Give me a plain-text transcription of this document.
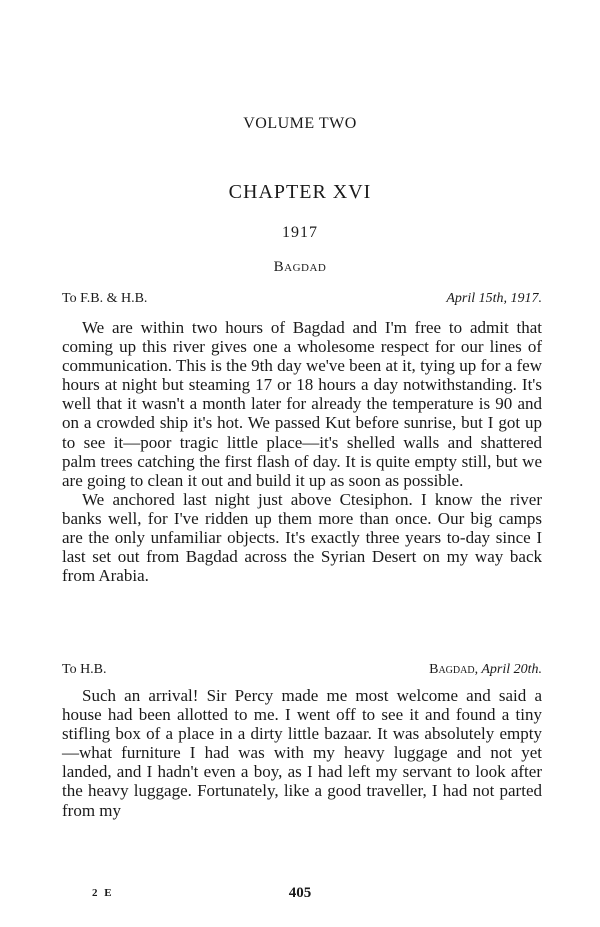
VOLUME TWO
CHAPTER XVI
1917
Bagdad
To F.B. & H.B.	April 15th, 1917.

We are within two hours of Bagdad and I'm free to admit that coming up this river gives one a wholesome respect for our lines of communication. This is the 9th day we've been at it, tying up for a few hours at night but steaming 17 or 18 hours a day notwithstanding. It's well that it wasn't a month later for already the temperature is 90 and on a crowded ship it's hot. We passed Kut before sunrise, but I got up to see it—poor tragic little place—it's shelled walls and shattered palm trees catching the first flash of day. It is quite empty still, but we are going to clean it out and build it up as soon as possible.

We anchored last night just above Ctesiphon. I know the river banks well, for I've ridden up them more than once. Our big camps are the only unfamiliar objects. It's exactly three years to-day since I last set out from Bagdad across the Syrian Desert on my way back from Arabia.

To H.B.	Bagdad, April 20th.

Such an arrival! Sir Percy made me most welcome and said a house had been allotted to me. I went off to see it and found a tiny stifling box of a place in a dirty little bazaar. It was absolutely empty—what furniture I had was with my heavy luggage and not yet landed, and I hadn't even a boy, as I had left my servant to look after the heavy luggage. Fortunately, like a good traveller, I had not parted from my

2 E	405
